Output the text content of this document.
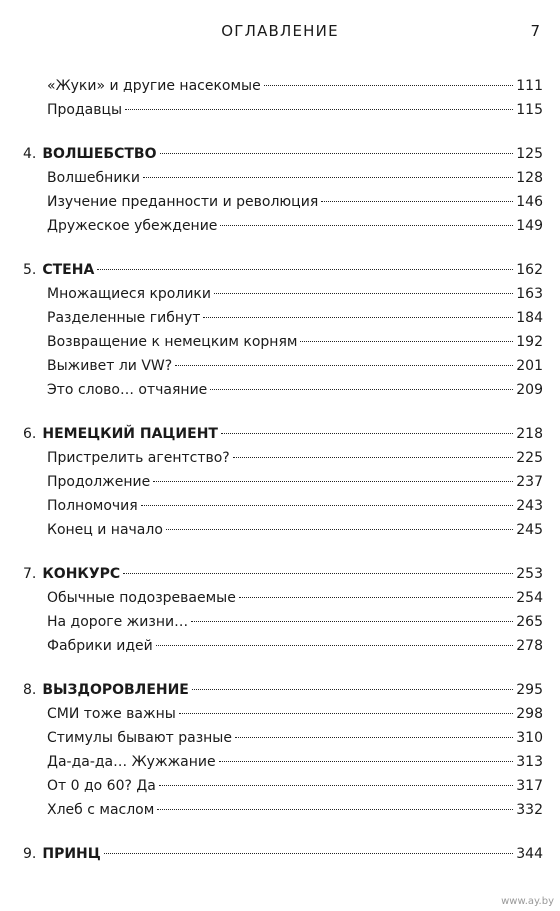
ОГЛАВЛЕНИЕ	7
«Жуки» и другие насекомые	111
Продавцы	115
4. ВОЛШЕБСТВО	125
Волшебники	128
Изучение преданности и революция	146
Дружеское убеждение	149
5. СТЕНА	162
Множащиеся кролики	163
Разделенные гибнут	184
Возвращение к немецким корням	192
Выживет ли VW?	201
Это слово… отчаяние	209
6. НЕМЕЦКИЙ ПАЦИЕНТ	218
Пристрелить агентство?	225
Продолжение	237
Полномочия	243
Конец и начало	245
7. КОНКУРС	253
Обычные подозреваемые	254
На дороге жизни…	265
Фабрики идей	278
8. ВЫЗДОРОВЛЕНИЕ	295
СМИ тоже важны	298
Стимулы бывают разные	310
Да-да-да… Жужжание	313
От 0 до 60? Да	317
Хлеб с маслом	332
9. ПРИНЦ	344
www.ay.by
